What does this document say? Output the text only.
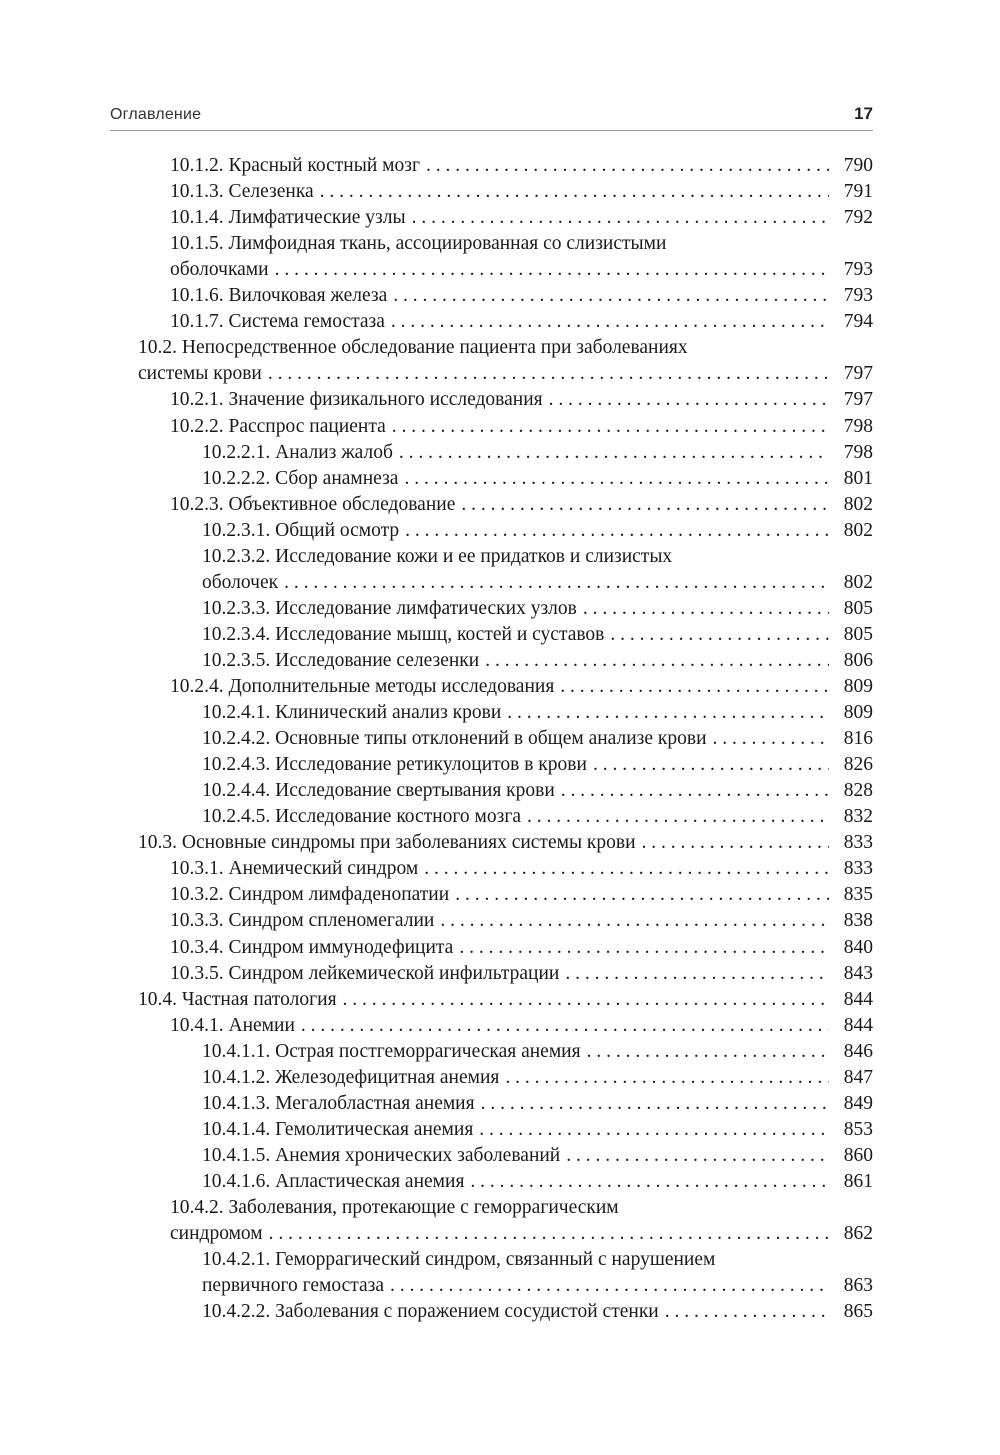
Оглавление	17
10.1.2. Красный костный мозг . . .	790
10.1.3. Селезенка . . .	791
10.1.4. Лимфатические узлы . . .	792
10.1.5. Лимфоидная ткань, ассоциированная со слизистыми
оболочками . . .	793
10.1.6. Вилочковая железа . . .	793
10.1.7. Система гемостаза . . .	794
10.2. Непосредственное обследование пациента при заболеваниях
системы крови . . .	797
10.2.1. Значение физикального исследования . . .	797
10.2.2. Расспрос пациента . . .	798
10.2.2.1. Анализ жалоб . . .	798
10.2.2.2. Сбор анамнеза . . .	801
10.2.3. Объективное обследование . . .	802
10.2.3.1. Общий осмотр . . .	802
10.2.3.2. Исследование кожи и ее придатков и слизистых
оболочек . . .	802
10.2.3.3. Исследование лимфатических узлов . . .	805
10.2.3.4. Исследование мышц, костей и суставов . . .	805
10.2.3.5. Исследование селезенки . . .	806
10.2.4. Дополнительные методы исследования . . .	809
10.2.4.1. Клинический анализ крови . . .	809
10.2.4.2. Основные типы отклонений в общем анализе крови . . .	816
10.2.4.3. Исследование ретикулоцитов в крови . . .	826
10.2.4.4. Исследование свертывания крови . . .	828
10.2.4.5. Исследование костного мозга . . .	832
10.3. Основные синдромы при заболеваниях системы крови . . .	833
10.3.1. Анемический синдром . . .	833
10.3.2. Синдром лимфаденопатии . . .	835
10.3.3. Синдром спленомегалии . . .	838
10.3.4. Синдром иммунодефицита . . .	840
10.3.5. Синдром лейкемической инфильтрации . . .	843
10.4. Частная патология . . .	844
10.4.1. Анемии . . .	844
10.4.1.1. Острая постгеморрагическая анемия . . .	846
10.4.1.2. Железодефицитная анемия . . .	847
10.4.1.3. Мегалобластная анемия . . .	849
10.4.1.4. Гемолитическая анемия . . .	853
10.4.1.5. Анемия хронических заболеваний . . .	860
10.4.1.6. Апластическая анемия . . .	861
10.4.2. Заболевания, протекающие с геморрагическим
синдромом . . .	862
10.4.2.1. Геморрагический синдром, связанный с нарушением
первичного гемостаза . . .	863
10.4.2.2. Заболевания с поражением сосудистой стенки . . .	865
